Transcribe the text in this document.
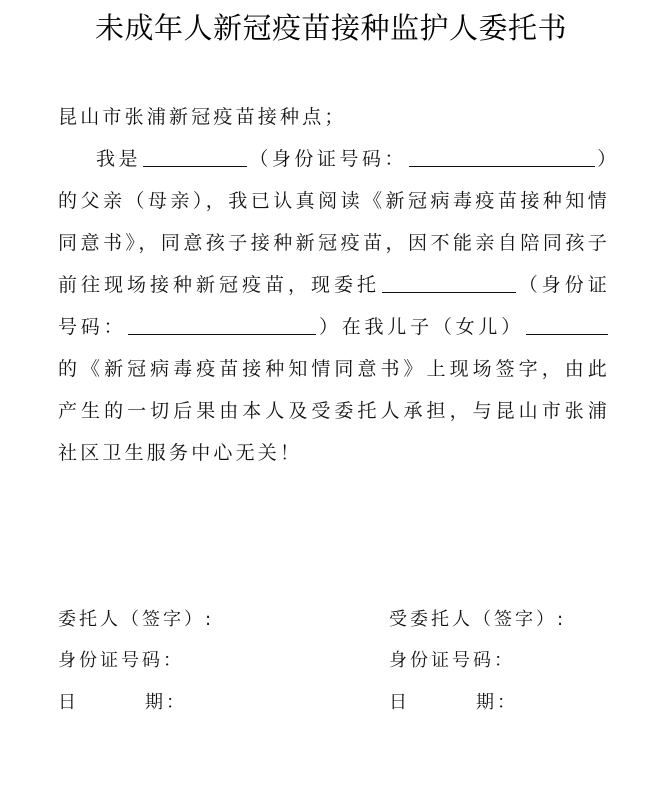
未成年人新冠疫苗接种监护人委托书

昆山市张浦新冠疫苗接种点；

我是	（身份证号码：	）的父亲（母亲），我已认真阅读《新冠病毒疫苗接种知情同意书》，同意孩子接种新冠疫苗，因不能亲自陪同孩子前往现场接种新冠疫苗，现委托	（身份证号码：	）在我儿子（女儿）的《新冠病毒疫苗接种知情同意书》上现场签字，由此产生的一切后果由本人及受委托人承担，与昆山市张浦社区卫生服务中心无关！

委托人（签字）:
身份证号码：
日	期：
受委托人（签字）:
身份证号码：
日	期：
